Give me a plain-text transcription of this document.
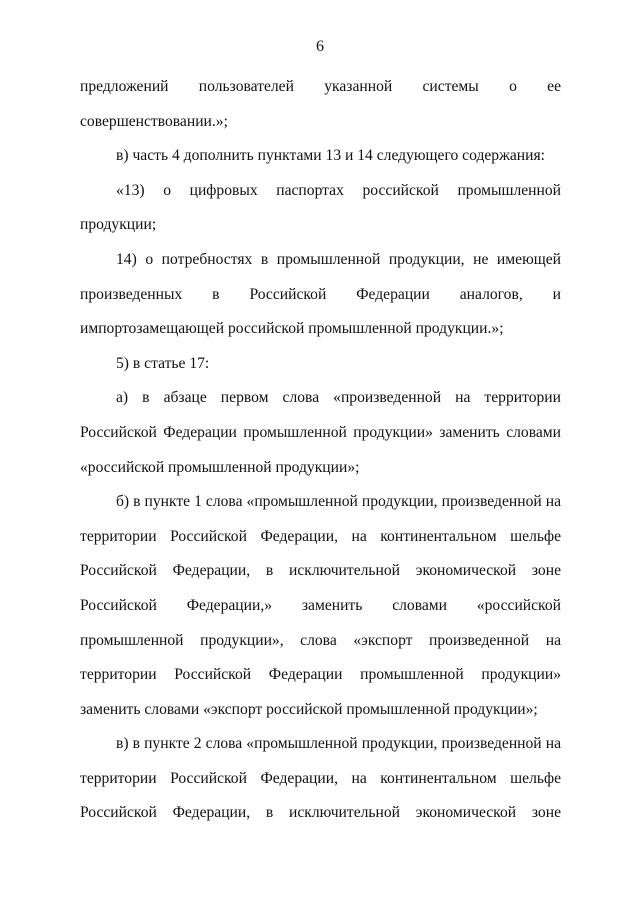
6

предложений пользователей указанной системы о ее

совершенствовании.»;

в) часть 4 дополнить пунктами 13 и 14 следующего содержания:

«13) о цифровых паспортах российской промышленной продукции;

14) о потребностях в промышленной продукции, не имеющей произведенных в Российской Федерации аналогов, и импортозамещающей российской промышленной продукции.»;

5) в статье 17:

а) в абзаце первом слова «произведенной на территории Российской Федерации промышленной продукции» заменить словами «российской промышленной продукции»;

б) в пункте 1 слова «промышленной продукции, произведенной на территории Российской Федерации, на континентальном шельфе Российской Федерации, в исключительной экономической зоне Российской Федерации,» заменить словами «российской промышленной продукции», слова «экспорт произведенной на территории Российской Федерации промышленной продукции» заменить словами «экспорт российской промышленной продукции»;

в) в пункте 2 слова «промышленной продукции, произведенной на территории Российской Федерации, на континентальном шельфе Российской Федерации, в исключительной экономической зоне
